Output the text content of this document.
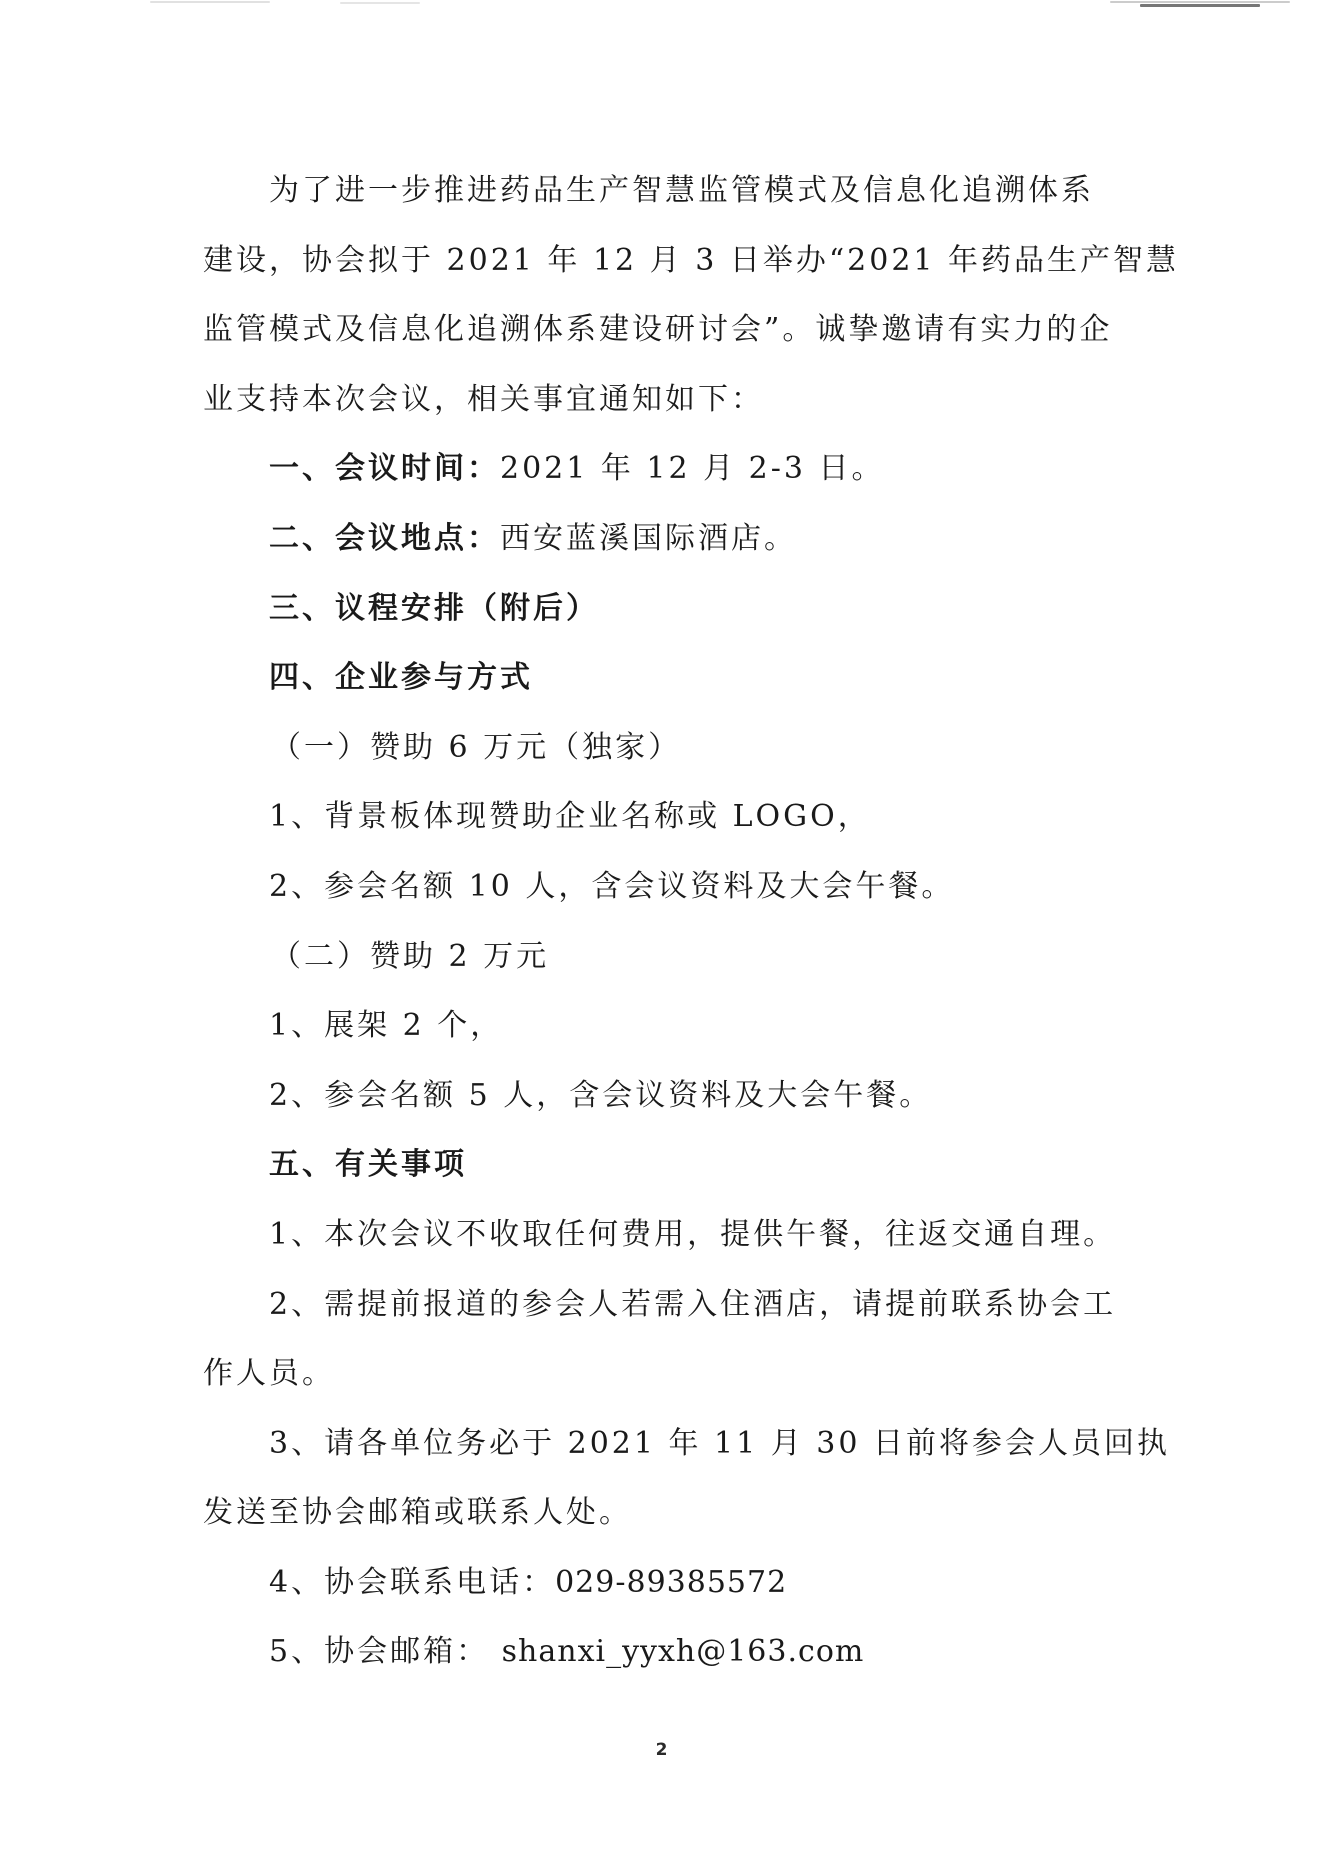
为了进一步推进药品生产智慧监管模式及信息化追溯体系

建设，协会拟于 2021 年 12 月 3 日举办“2021 年药品生产智慧

监管模式及信息化追溯体系建设研讨会”。诚挚邀请有实力的企

业支持本次会议，相关事宜通知如下：

一、会议时间：2021 年 12 月 2-3 日。

二、会议地点：西安蓝溪国际酒店。

三、议程安排（附后）

四、企业参与方式

（一）赞助 6 万元（独家）

1、背景板体现赞助企业名称或 LOGO，

2、参会名额 10 人，含会议资料及大会午餐。

（二）赞助 2 万元

1、展架 2 个，

2、参会名额 5 人，含会议资料及大会午餐。

五、有关事项

1、本次会议不收取任何费用，提供午餐，往返交通自理。

2、需提前报道的参会人若需入住酒店，请提前联系协会工

作人员。

3、请各单位务必于 2021 年 11 月 30 日前将参会人员回执

发送至协会邮箱或联系人处。

4、协会联系电话：029-89385572

5、协会邮箱： shanxi_yyxh@163.com

2
